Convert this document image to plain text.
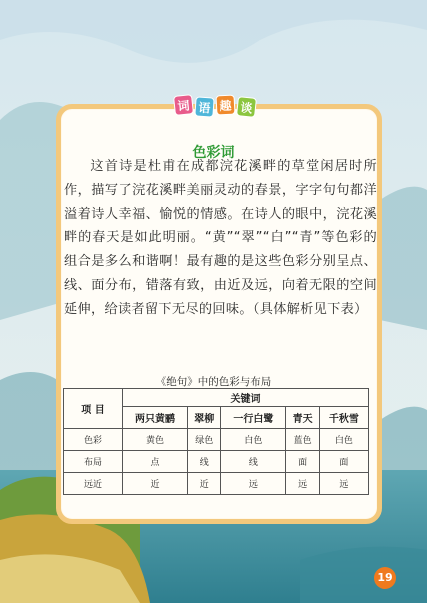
词 语 趣 谈
色彩词

这首诗是杜甫在成都浣花溪畔的草堂闲居时所作，描写了浣花溪畔美丽灵动的春景，字字句句都洋溢着诗人幸福、愉悦的情感。在诗人的眼中，浣花溪畔的春天是如此明丽。“黄”“翠”“白”“青”等色彩的组合是多么和谐啊！最有趣的是这些色彩分别呈点、线、面分布，错落有致，由近及远，向着无限的空间延伸，给读者留下无尽的回味。（具体解析见下表）

《绝句》中的色彩与布局
项 目	关键词				
	两只黄鹂	翠柳	一行白鹭	青天	千秋雪
色彩	黄色	绿色	白色	蓝色	白色
布局	点	线	线	面	面
远近	近	近	远	远	远
19
